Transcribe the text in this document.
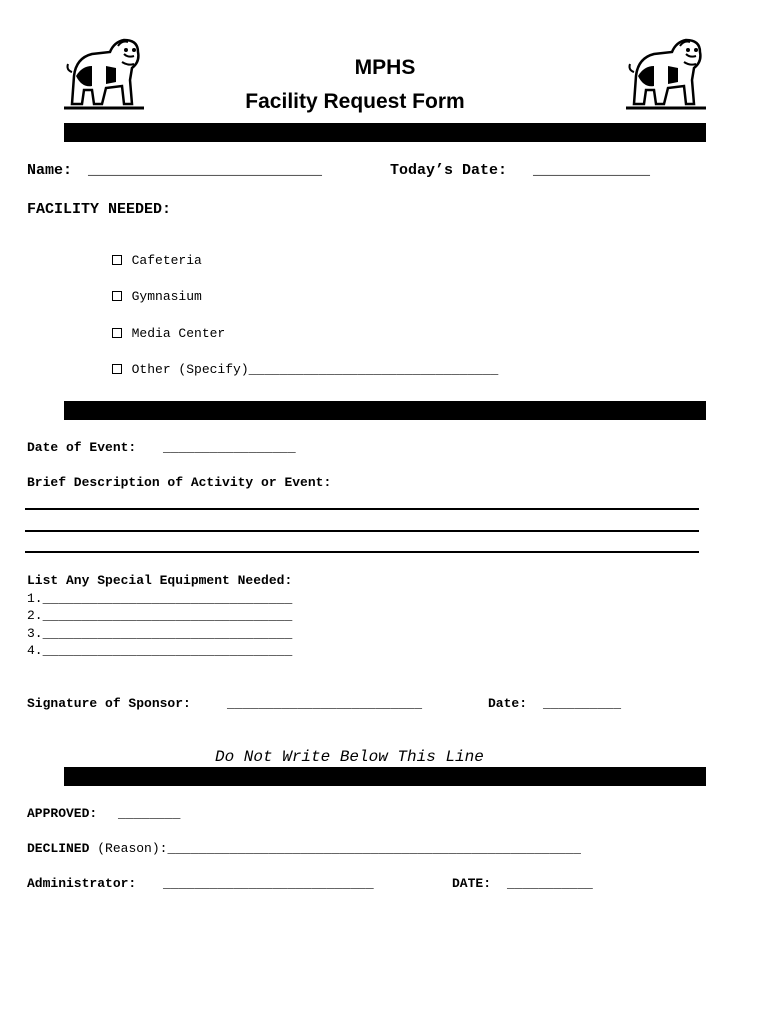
MPHS
Facility Request Form
Name: __________________________	Today’s Date: _____________
FACILITY NEEDED:

Cafeteria

Gymnasium

Media Center

Other (Specify)________________________________

Date of Event: _________________
Brief Description of Activity or Event:
List Any Special Equipment Needed:
1.________________________________
2.________________________________
3.________________________________
4.________________________________
Signature of Sponsor:	_________________________	Date: __________
Do Not Write Below This Line
APPROVED: ________
DECLINED (Reason):_____________________________________________________
Administrator: ___________________________	DATE: ___________
